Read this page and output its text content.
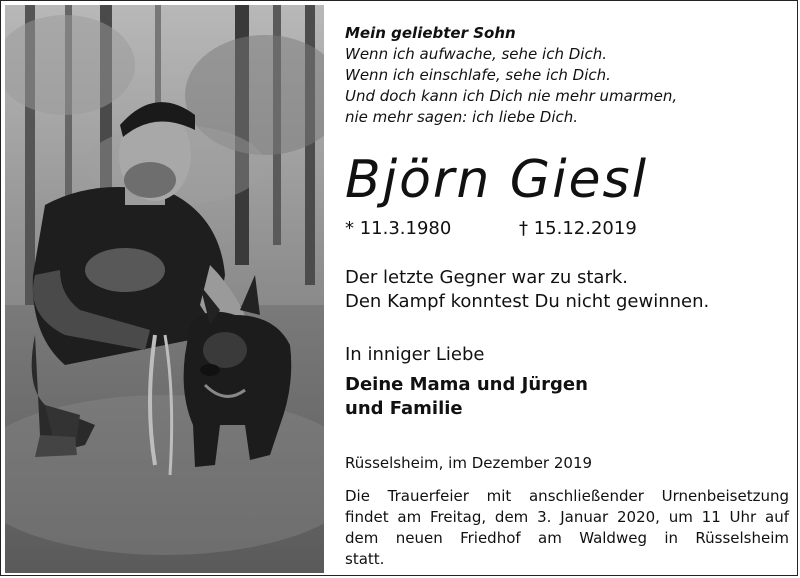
Mein geliebter Sohn
Wenn ich aufwache, sehe ich Dich.
Wenn ich einschlafe, sehe ich Dich.
Und doch kann ich Dich nie mehr umarmen,
nie mehr sagen: ich liebe Dich.
Björn Giesl
* 11.3.1980	† 15.12.2019
Der letzte Gegner war zu stark.
Den Kampf konntest Du nicht gewinnen.
In inniger Liebe
Deine Mama und Jürgen
und Familie
Rüsselsheim, im Dezember 2019
Die Trauerfeier mit anschließender Urnenbeisetzung
findet am Freitag, dem 3. Januar 2020, um 11 Uhr auf
dem neuen Friedhof am Waldweg in Rüsselsheim
statt.
